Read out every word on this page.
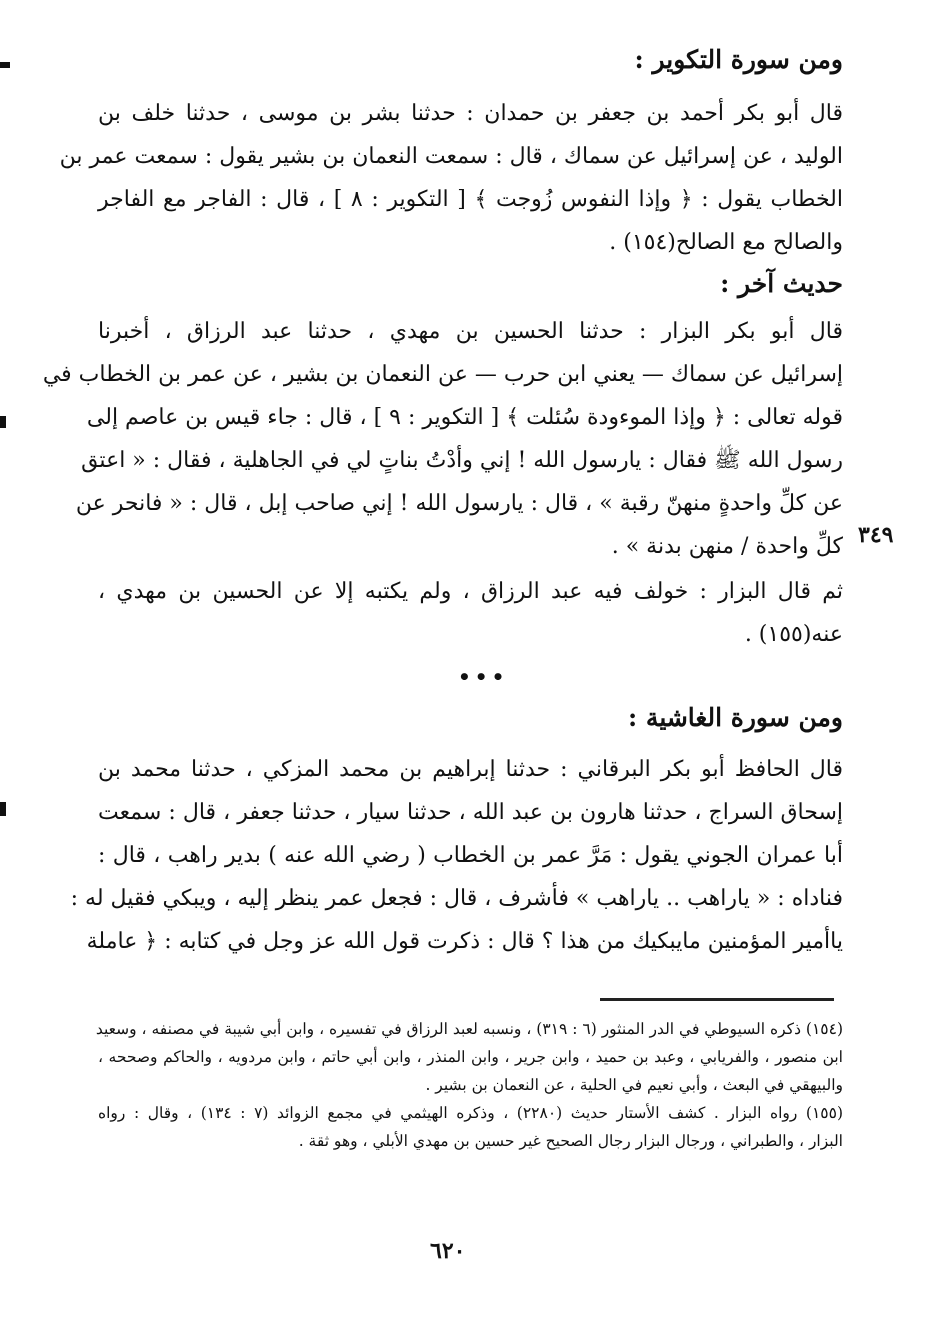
ومن سورة التكوير :
قال أبو بكر أحمد بن جعفر بن حمدان : حدثنا بشر بن موسى ، حدثنا خلف بن
الوليد ، عن إسرائيل عن سماك ، قال : سمعت النعمان بن بشير يقول : سمعت عمر بن
الخطاب يقول : ﴿ وإذا النفوس زُوجت ﴾ [ التكوير : ٨ ] ، قال : الفاجر مع الفاجر
والصالح مع الصالح(١٥٤) .
حديث آخر :
قال أبو بكر البزار : حدثنا الحسين بن مهدي ، حدثنا عبد الرزاق ، أخبرنا
إسرائيل عن سماك — يعني ابن حرب — عن النعمان بن بشير ، عن عمر بن الخطاب في
قوله تعالى : ﴿ وإذا الموءودة سُئلت ﴾ [ التكوير : ٩ ] ، قال : جاء قيس بن عاصم إلى
رسول الله ﷺ فقال : يارسول الله ! إني وأدْتُ بناتٍ لي في الجاهلية ، فقال : « اعتق
عن كلِّ واحدةٍ منهنّ رقبة » ، قال : يارسول الله ! إني صاحب إبل ، قال : « فانحر عن
كلِّ واحدة / منهن بدنة » . ٣٤٩
ثم قال البزار : خولف فيه عبد الرزاق ، ولم يكتبه إلا عن الحسين بن مهدي ،
عنه(١٥٥) .
•••
ومن سورة الغاشية :
قال الحافظ أبو بكر البرقاني : حدثنا إبراهيم بن محمد المزكي ، حدثنا محمد بن
إسحاق السراج ، حدثنا هارون بن عبد الله ، حدثنا سيار ، حدثنا جعفر ، قال : سمعت
أبا عمران الجوني يقول : مَرَّ عمر بن الخطاب ( رضي الله عنه ) بدير راهب ، قال :
فناداه : « ياراهب .. ياراهب » فأشرف ، قال : فجعل عمر ينظر إليه ، ويبكي فقيل له :
ياأمير المؤمنين مايبكيك من هذا ؟ قال : ذكرت قول الله عز وجل في كتابه : ﴿ عاملة
(١٥٤) ذكره السيوطي في الدر المنثور (٦ : ٣١٩) ، ونسبه لعبد الرزاق في تفسيره ، وابن أبي شيبة في مصنفه ، وسعيد
ابن منصور ، والفريابي ، وعبد بن حميد ، وابن جرير ، وابن المنذر ، وابن أبي حاتم ، وابن مردويه ، والحاكم وصححه ،
والبيهقي في البعث ، وأبي نعيم في الحلية ، عن النعمان بن بشير .
(١٥٥) رواه البزار . كشف الأستار حديث (٢٢٨٠) ، وذكره الهيثمي في مجمع الزوائد (٧ : ١٣٤) ، وقال : رواه
البزار ، والطبراني ، ورجال البزار رجال الصحيح غير حسين بن مهدي الأبلي ، وهو ثقة .
٦٢٠
